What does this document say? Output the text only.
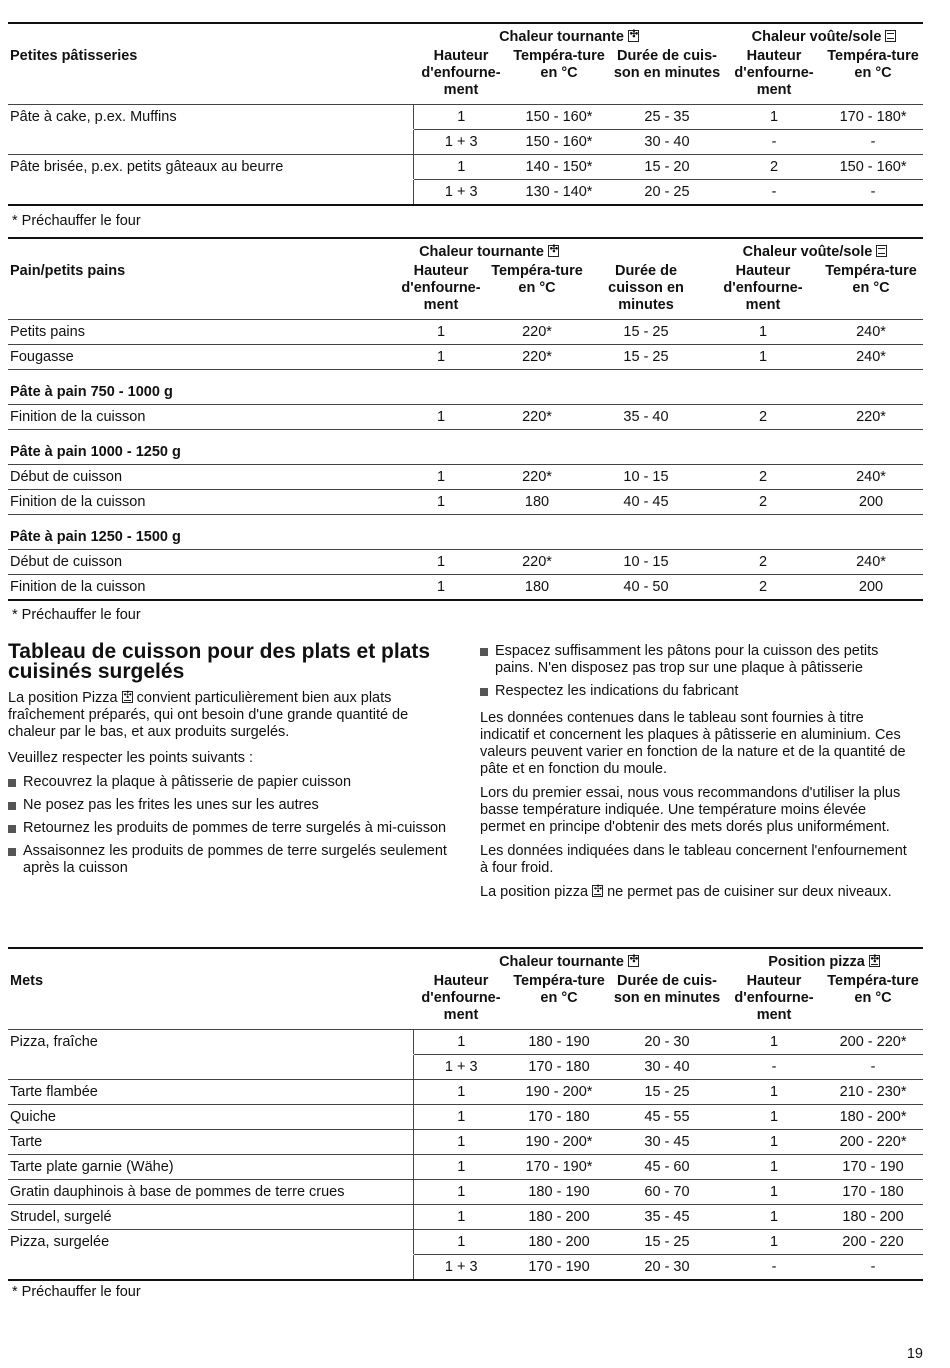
	Chaleur tournante✣			Chaleur voûte/sole	
Petites pâtisseries	Hauteur d'enfourne-ment	Tempéra-ture en °C	Durée de cuis-son en minutes	Hauteur d'enfourne-ment	Tempéra-ture en °C
Pâte à cake, p.ex. Muffins	1	150 - 160*	25 - 35	1	170 - 180*
	1 + 3	150 - 160*	30 - 40	-	-
Pâte brisée, p.ex. petits gâteaux au beurre	1	140 - 150*	15 - 20	2	150 - 160*
	1 + 3	130 - 140*	20 - 25	-	-
* Préchauffer le four
	Chaleur tournante✣			Chaleur voûte/sole	
Pain/petits pains	Hauteur d'enfourne-ment	Tempéra-ture en °C	Durée de cuisson en minutes	Hauteur d'enfourne-ment	Tempéra-ture en °C
Petits pains	1	220*	15 - 25	1	240*
Fougasse	1	220*	15 - 25	1	240*
Pâte à pain 750 - 1000 g					
Finition de la cuisson	1	220*	35 - 40	2	220*
Pâte à pain 1000 - 1250 g					
Début de cuisson	1	220*	10 - 15	2	240*
Finition de la cuisson	1	180	40 - 45	2	200
Pâte à pain 1250 - 1500 g					
Début de cuisson	1	220*	10 - 15	2	240*
Finition de la cuisson	1	180	40 - 50	2	200
* Préchauffer le four
Tableau de cuisson pour des plats et plats cuisinés surgelés

La position Pizza ✣ convient particulièrement bien aux plats fraîchement préparés, qui ont besoin d'une grande quantité de chaleur par le bas, et aux produits surgelés.

Veuillez respecter les points suivants :

Recouvrez la plaque à pâtisserie de papier cuisson
Ne posez pas les frites les unes sur les autres
Retournez les produits de pommes de terre surgelés à mi-cuisson
Assaisonnez les produits de pommes de terre surgelés seulement après la cuisson
Espacez suffisamment les pâtons pour la cuisson des petits pains. N'en disposez pas trop sur une plaque à pâtisserie
Respectez les indications du fabricant

Les données contenues dans le tableau sont fournies à titre indicatif et concernent les plaques à pâtisserie en aluminium. Ces valeurs peuvent varier en fonction de la nature et de la quantité de pâte et en fonction du moule.

Lors du premier essai, nous vous recommandons d'utiliser la plus basse température indiquée. Une température moins élevée permet en principe d'obtenir des mets dorés plus uniformément.

Les données indiquées dans le tableau concernent l'enfournement à four froid.

La position pizza ✣ ne permet pas de cuisiner sur deux niveaux.

	Chaleur tournante✣			Position pizza✣
Mets	Hauteur d'enfourne-ment	Tempéra-ture en °C	Durée de cuis-son en minutes	Hauteur d'enfourne-ment	Tempéra-ture en °C
Pizza, fraîche	1	180 - 190	20 - 30	1	200 - 220*
	1 + 3	170 - 180	30 - 40	-	-
Tarte flambée	1	190 - 200*	15 - 25	1	210 - 230*
Quiche	1	170 - 180	45 - 55	1	180 - 200*
Tarte	1	190 - 200*	30 - 45	1	200 - 220*
Tarte plate garnie (Wähe)	1	170 - 190*	45 - 60	1	170 - 190
Gratin dauphinois à base de pommes de terre crues	1	180 - 190	60 - 70	1	170 - 180
Strudel, surgelé	1	180 - 200	35 - 45	1	180 - 200
Pizza, surgelée	1	180 - 200	15 - 25	1	200 - 220
	1 + 3	170 - 190	20 - 30	-	-
* Préchauffer le four
19
